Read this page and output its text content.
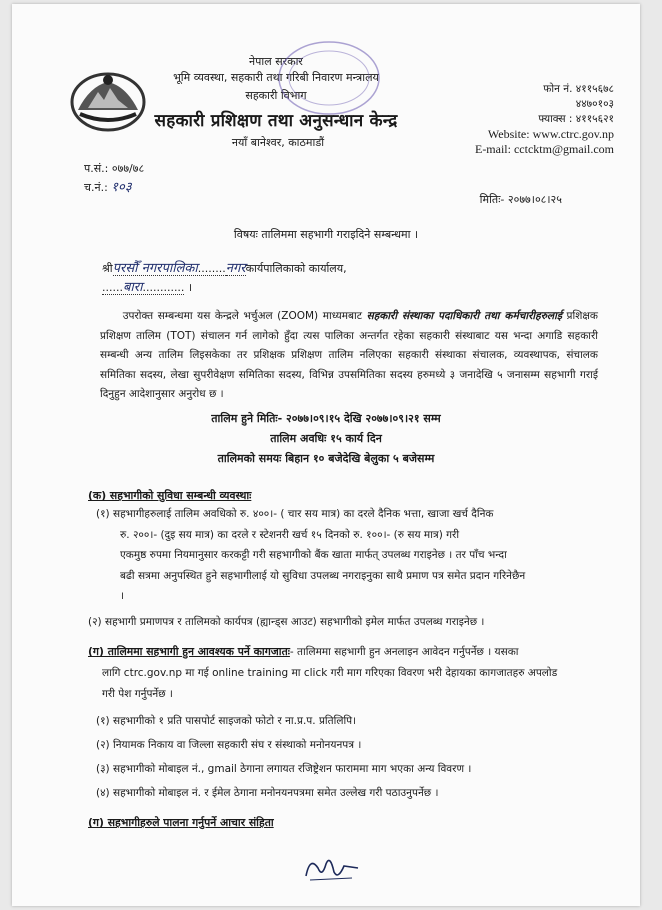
नेपाल सरकार
भूमि व्यवस्था, सहकारी तथा गरिबी निवारण मन्त्रालय
सहकारी विभाग
सहकारी प्रशिक्षण तथा अनुसन्धान केन्द्र
नयाँ बानेश्वर, काठमाडौं
फोन नं. ४११५६७८
४४७०१०३
फ्याक्स : ४११५६२१
Website: www.ctrc.gov.np
E-mail: cctcktm@gmail.com
प.सं.: ०७७/७८
च.नं.: १०३
मितिः- २०७७।०८।२५
विषयः तालिममा सहभागी गराइदिने सम्बन्धमा ।
श्रीपरसौँ नगरपालिका........नगरकार्यपालिकाको कार्यालय,
......बारा............ ।
उपरोक्त सम्बन्धमा यस केन्द्रले भर्चुअल (ZOOM) माध्यमबाट सहकारी संस्थाका पदाधिकारी तथा कर्मचारीहरुलाई प्रशिक्षक प्रशिक्षण तालिम (TOT) संचालन गर्न लागेको हुँदा त्यस पालिका अन्तर्गत रहेका सहकारी संस्थाबाट यस भन्दा अगाडि सहकारी सम्बन्धी अन्य तालिम लिइसकेका तर प्रशिक्षक प्रशिक्षण तालिम नलिएका सहकारी संस्थाका संचालक, व्यवस्थापक, संचालक समितिका सदस्य, लेखा सुपरीवेक्षण समितिका सदस्य, विभिन्न उपसमितिका सदस्य हरुमध्ये ३ जनादेखि ५ जनासम्म सहभागी गराई दिनुहुन आदेशानुसार अनुरोध छ ।
तालिम हुने मितिः- २०७७।०९।१५ देखि २०७७।०९।२१ सम्म
तालिम अवधिः १५ कार्य दिन
तालिमको समयः बिहान १० बजेदेखि बेलुका ५ बजेसम्म
(क) सहभागीको सुविधा सम्बन्धी व्यवस्थाः
(१) सहभागीहरुलाई तालिम अवधिको रु. ४००।- ( चार सय मात्र) का दरले दैनिक भत्ता, खाजा खर्च दैनिक
रु. २००।- (दुइ सय मात्र) का दरले र स्टेशनरी खर्च १५ दिनको रु. १००।- (रु सय मात्र) गरी
एकमुष्ठ रुपमा नियमानुसार करकट्टी गरी सहभागीको बैंक खाता मार्फत् उपलब्ध गराइनेछ । तर पाँच भन्दा
बढी सत्रमा अनुपस्थित हुने सहभागीलाई यो सुविधा उपलब्ध नगराइनुका साथै प्रमाण पत्र समेत प्रदान गरिनेछैन
।
(२) सहभागी प्रमाणपत्र र तालिमको कार्यपत्र (ह्यान्ड्स आउट) सहभागीको इमेल मार्फत उपलब्ध गराइनेछ ।
(ग) तालिममा सहभागी हुन आवश्यक पर्ने कागजातः- तालिममा सहभागी हुन अनलाइन आवेदन गर्नुपर्नेछ । यसका
लागि ctrc.gov.np मा गई online training मा click गरी माग गरिएका विवरण भरी देहायका कागजातहरु अपलोड
गरी पेश गर्नुपर्नेछ ।
(१) सहभागीको १ प्रति पासपोर्ट साइजको फोटो र ना.प्र.प. प्रतिलिपि।
(२) नियामक निकाय वा जिल्ला सहकारी संघ र संस्थाको मनोनयनपत्र ।
(३) सहभागीको मोबाइल नं., gmail ठेगाना लगायत रजिष्ट्रेशन फाराममा माग भएका अन्य विवरण ।
(४) सहभागीको मोबाइल नं. र ईमेल ठेगाना मनोनयनपत्रमा समेत उल्लेख गरी पठाउनुपर्नेछ ।
(ग) सहभागीहरुले पालना गर्नुपर्ने आचार संहिता
